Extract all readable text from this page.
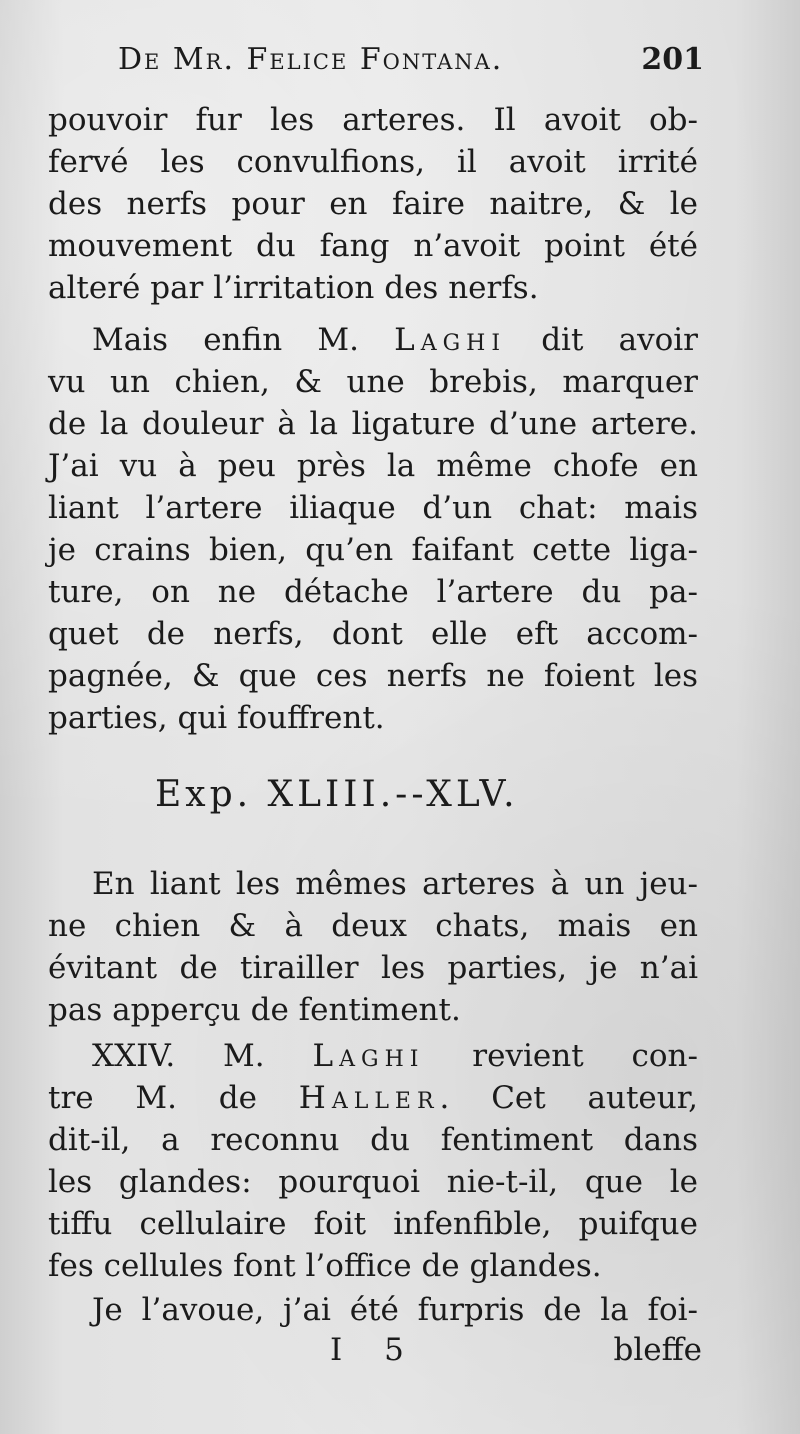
De Mr. Felice Fontana.	201
pouvoir fur les arteres. Il avoit ob-
fervé les convulfions, il avoit irrité
des nerfs pour en faire naitre, & le
mouvement du fang n’avoit point été
alteré par l’irritation des nerfs.
Mais enfin M. Laghi dit avoir
vu un chien, & une brebis, marquer
de la douleur à la ligature d’une artere.
J’ai vu à peu près la même chofe en
liant l’artere iliaque d’un chat: mais
je crains bien, qu’en faifant cette liga-
ture, on ne détache l’artere du pa-
quet de nerfs, dont elle eft accom-
pagnée, & que ces nerfs ne foient les
parties, qui fouffrent.
Exp. XLIII.--XLV.
En liant les mêmes arteres à un jeu-
ne chien & à deux chats, mais en
évitant de tirailler les parties, je n’ai
pas apperçu de fentiment.
XXIV. M. Laghi revient con-
tre M. de Haller. Cet auteur,
dit-il, a reconnu du fentiment dans
les glandes: pourquoi nie-t-il, que le
tiffu cellulaire foit infenfible, puifque
fes cellules font l’office de glandes.
Je l’avoue, j’ai été furpris de la foi-
I 5	bleffe
